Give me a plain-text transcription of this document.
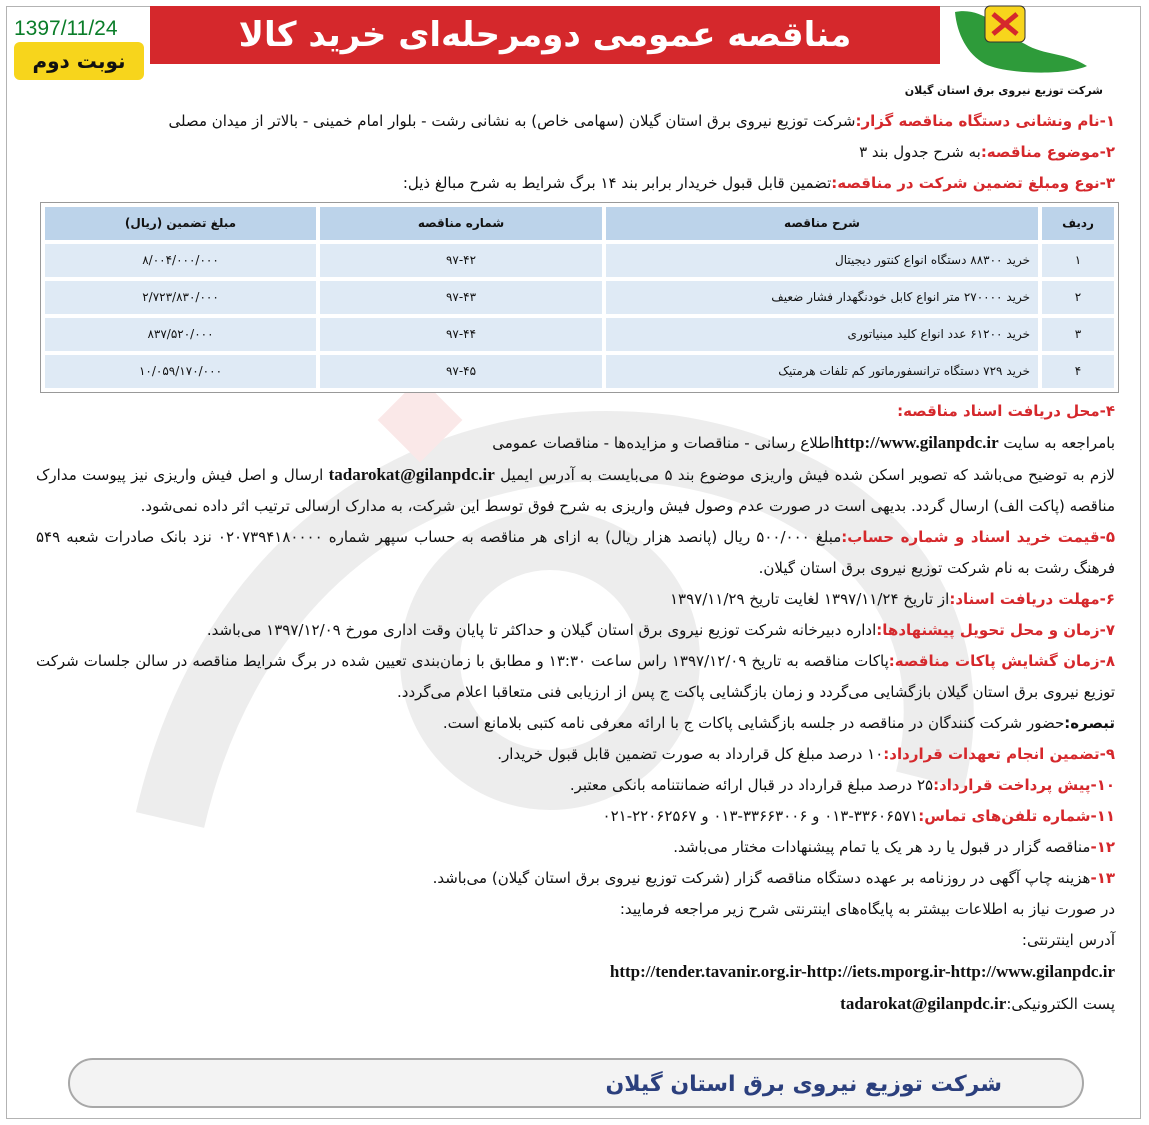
مناقصه عمومی دومرحله‌ای خرید کالا
1397/11/24
نوبت دوم
شرکت توزیع نیروی برق استان گیلان

۱-نام ونشانی دستگاه مناقصه گزار:شرکت توزیع نیروی برق استان گیلان (سهامی خاص) به نشانی رشت - بلوار امام خمینی - بالاتر از میدان مصلی

۲-موضوع مناقصه:به شرح جدول بند ۳

۳-نوع ومبلغ تضمین شرکت در مناقصه:تضمین قابل قبول خریدار برابر بند ۱۴ برگ شرایط به شرح مبالغ ذیل:

ردیف	شرح مناقصه	شماره مناقصه	مبلغ تضمین (ریال)
۱	خرید ۸۸۳۰۰ دستگاه انواع کنتور دیجیتال	۹۷-۴۲	۸/۰۰۴/۰۰۰/۰۰۰
۲	خرید ۲۷۰۰۰۰ متر انواع کابل خودنگهدار فشار ضعیف	۹۷-۴۳	۲/۷۲۳/۸۳۰/۰۰۰
۳	خرید ۶۱۲۰۰ عدد انواع کلید مینیاتوری	۹۷-۴۴	۸۳۷/۵۲۰/۰۰۰
۴	خرید ۷۲۹ دستگاه ترانسفورماتور کم تلفات هرمتیک	۹۷-۴۵	۱۰/۰۵۹/۱۷۰/۰۰۰

۴-محل دریافت اسناد مناقصه:

بامراجعه به سایت http://www.gilanpdc.irاطلاع رسانی - مناقصات و مزایده‌ها - مناقصات عمومی

لازم به توضیح می‌باشد که تصویر اسکن شده فیش واریزی موضوع بند ۵ می‌بایست به آدرس ایمیل tadarokat@gilanpdc.ir ارسال و اصل فیش واریزی نیز پیوست مدارک مناقصه (پاکت الف) ارسال گردد. بدیهی است در صورت عدم وصول فیش واریزی به شرح فوق توسط این شرکت، به مدارک ارسالی ترتیب اثر داده نمی‌شود.

۵-قیمت خرید اسناد و شماره حساب:مبلغ ۵۰۰/۰۰۰ ریال (پانصد هزار ریال) به ازای هر مناقصه به حساب سپهر شماره ۰۲۰۷۳۹۴۱۸۰۰۰۰ نزد بانک صادرات شعبه ۵۴۹ فرهنگ رشت به نام شرکت توزیع نیروی برق استان گیلان.

۶-مهلت دریافت اسناد:از تاریخ ۱۳۹۷/۱۱/۲۴ لغایت تاریخ ۱۳۹۷/۱۱/۲۹

۷-زمان و محل تحویل پیشنهادها:اداره دبیرخانه شرکت توزیع نیروی برق استان گیلان و حداکثر تا پایان وقت اداری مورخ ۱۳۹۷/۱۲/۰۹ می‌باشد.

۸-زمان گشایش پاکات مناقصه:پاکات مناقصه به تاریخ ۱۳۹۷/۱۲/۰۹ راس ساعت ۱۳:۳۰ و مطابق با زمان‌بندی تعیین شده در برگ شرایط مناقصه در سالن جلسات شرکت توزیع نیروی برق استان گیلان بازگشایی می‌گردد و زمان بازگشایی پاکت ج پس از ارزیابی فنی متعاقبا اعلام می‌گردد.

تبصره:حضور شرکت کنندگان در مناقصه در جلسه بازگشایی پاکات ج با ارائه معرفی نامه کتبی بلامانع است.

۹-تضمین انجام تعهدات قرارداد:۱۰ درصد مبلغ کل قرارداد به صورت تضمین قابل قبول خریدار.

۱۰-پیش پرداخت قرارداد:۲۵ درصد مبلغ قرارداد در قبال ارائه ضمانتنامه بانکی معتبر.

۱۱-شماره تلفن‌های تماس:۳۳۶۰۶۵۷۱-۰۱۳ و ۳۳۶۶۳۰۰۶-۰۱۳ و ۲۲۰۶۲۵۶۷-۰۲۱

۱۲-مناقصه گزار در قبول یا رد هر یک یا تمام پیشنهادات مختار می‌باشد.

۱۳-هزینه چاپ آگهی در روزنامه بر عهده دستگاه مناقصه گزار (شرکت توزیع نیروی برق استان گیلان) می‌باشد.

در صورت نیاز به اطلاعات بیشتر به پایگاه‌های اینترنتی شرح زیر مراجعه فرمایید:

آدرس اینترنتی:

http://tender.tavanir.org.ir-http://iets.mporg.ir-http://www.gilanpdc.ir

پست الکترونیکی:tadarokat@gilanpdc.ir

شرکت توزیع نیروی برق استان گیلان
